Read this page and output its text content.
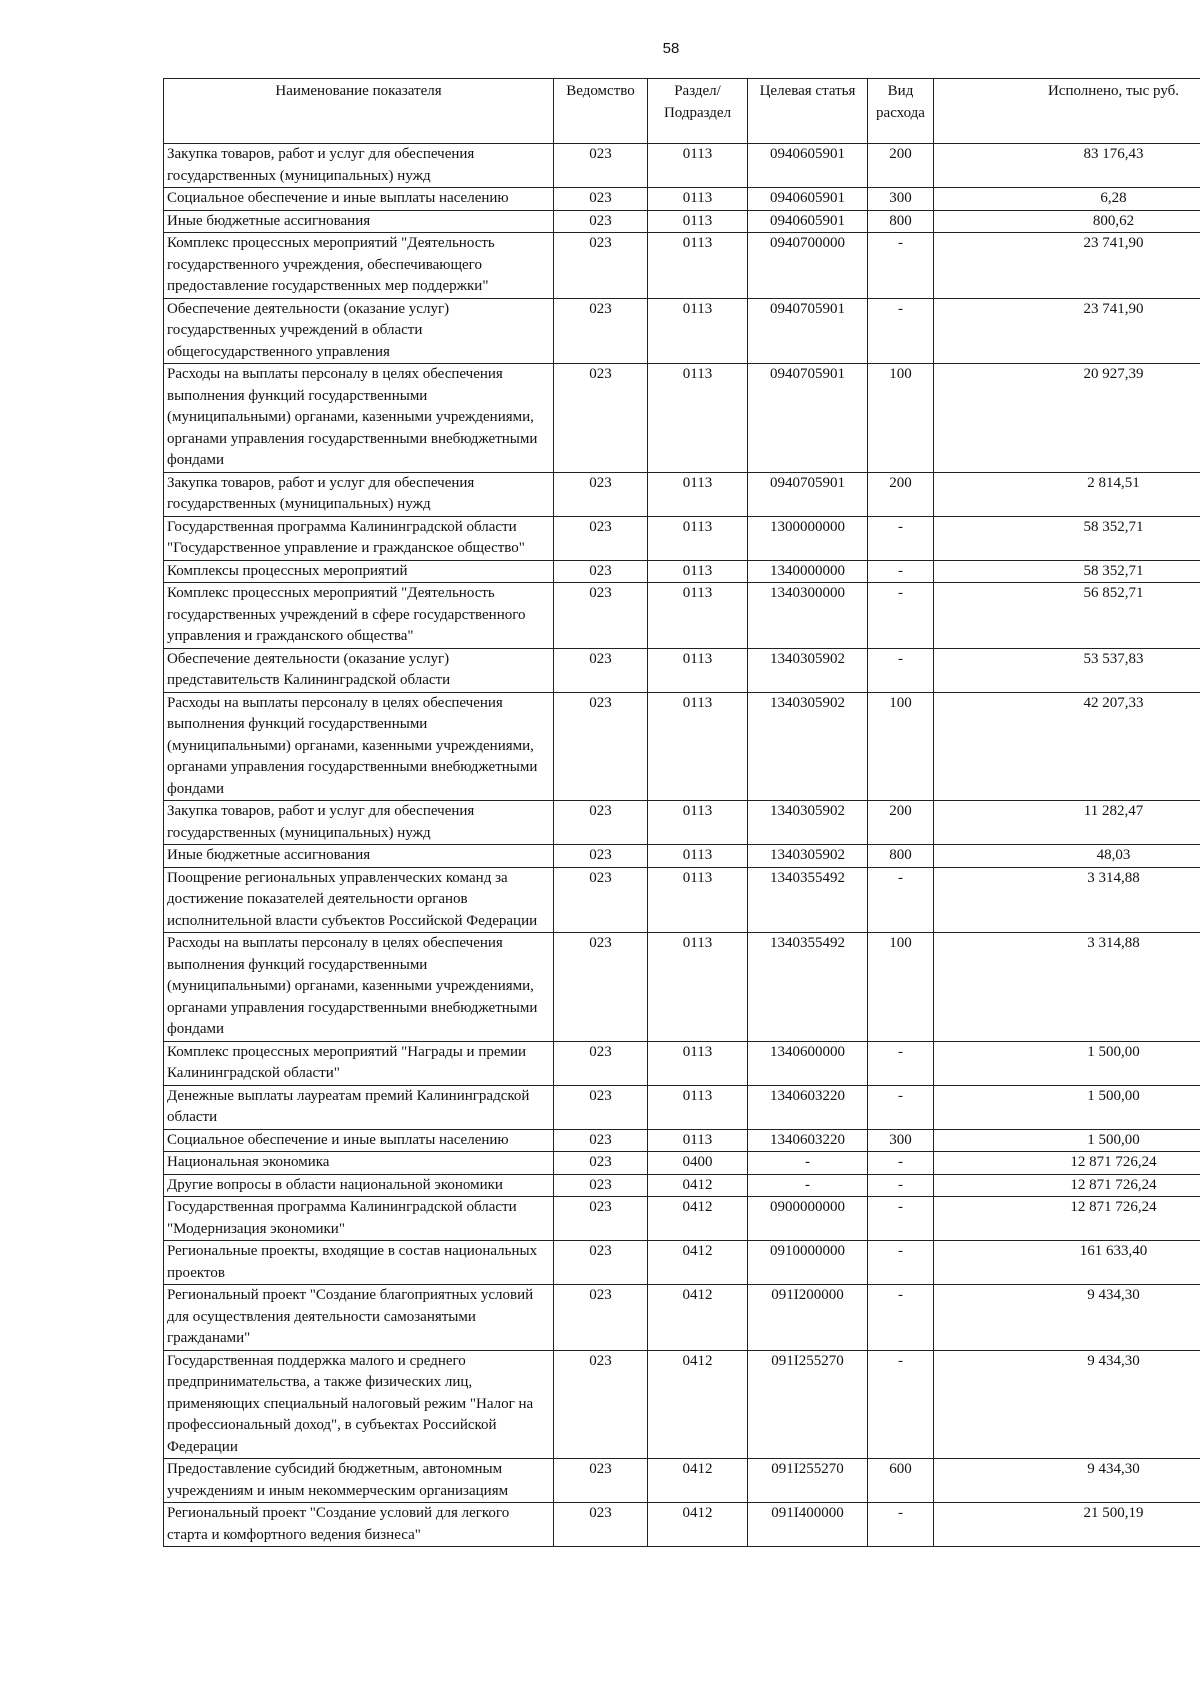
58
Наименование показателя	Ведомство	Раздел/ Подраздел	Целевая статья	Вид расхода	Исполнено, тыс руб.
Закупка товаров, работ и услуг для обеспечения государственных (муниципальных) нужд	023	0113	0940605901	200	83 176,43
Социальное обеспечение и иные выплаты населению	023	0113	0940605901	300	6,28
Иные бюджетные ассигнования	023	0113	0940605901	800	800,62
Комплекс процессных мероприятий "Деятельность государственного учреждения, обеспечивающего предоставление государственных мер поддержки"	023	0113	0940700000	-	23 741,90
Обеспечение деятельности (оказание услуг) государственных учреждений в области общегосударственного управления	023	0113	0940705901	-	23 741,90
Расходы на выплаты персоналу в целях обеспечения выполнения функций государственными (муниципальными) органами, казенными учреждениями, органами управления государственными внебюджетными фондами	023	0113	0940705901	100	20 927,39
Закупка товаров, работ и услуг для обеспечения государственных (муниципальных) нужд	023	0113	0940705901	200	2 814,51
Государственная программа Калининградской области "Государственное управление и гражданское общество"	023	0113	1300000000	-	58 352,71
Комплексы процессных мероприятий	023	0113	1340000000	-	58 352,71
Комплекс процессных мероприятий "Деятельность государственных учреждений в сфере государственного управления и гражданского общества"	023	0113	1340300000	-	56 852,71
Обеспечение деятельности (оказание услуг) представительств Калининградской области	023	0113	1340305902	-	53 537,83
Расходы на выплаты персоналу в целях обеспечения выполнения функций государственными (муниципальными) органами, казенными учреждениями, органами управления государственными внебюджетными фондами	023	0113	1340305902	100	42 207,33
Закупка товаров, работ и услуг для обеспечения государственных (муниципальных) нужд	023	0113	1340305902	200	11 282,47
Иные бюджетные ассигнования	023	0113	1340305902	800	48,03
Поощрение региональных управленческих команд за достижение показателей деятельности органов исполнительной власти субъектов Российской Федерации	023	0113	1340355492	-	3 314,88
Расходы на выплаты персоналу в целях обеспечения выполнения функций государственными (муниципальными) органами, казенными учреждениями, органами управления государственными внебюджетными фондами	023	0113	1340355492	100	3 314,88
Комплекс процессных мероприятий "Награды и премии Калининградской области"	023	0113	1340600000	-	1 500,00
Денежные выплаты лауреатам премий Калининградской области	023	0113	1340603220	-	1 500,00
Социальное обеспечение и иные выплаты населению	023	0113	1340603220	300	1 500,00
Национальная экономика	023	0400	-	-	12 871 726,24
Другие вопросы в области национальной экономики	023	0412	-	-	12 871 726,24
Государственная программа Калининградской области "Модернизация экономики"	023	0412	0900000000	-	12 871 726,24
Региональные проекты, входящие в состав национальных проектов	023	0412	0910000000	-	161 633,40
Региональный проект "Создание благоприятных условий для осуществления деятельности самозанятыми гражданами"	023	0412	091I200000	-	9 434,30
Государственная поддержка малого и среднего предпринимательства, а также физических лиц, применяющих специальный налоговый режим "Налог на профессиональный доход", в субъектах Российской Федерации	023	0412	091I255270	-	9 434,30
Предоставление субсидий бюджетным, автономным учреждениям и иным некоммерческим организациям	023	0412	091I255270	600	9 434,30
Региональный проект "Создание условий для легкого старта и комфортного ведения бизнеса"	023	0412	091I400000	-	21 500,19
